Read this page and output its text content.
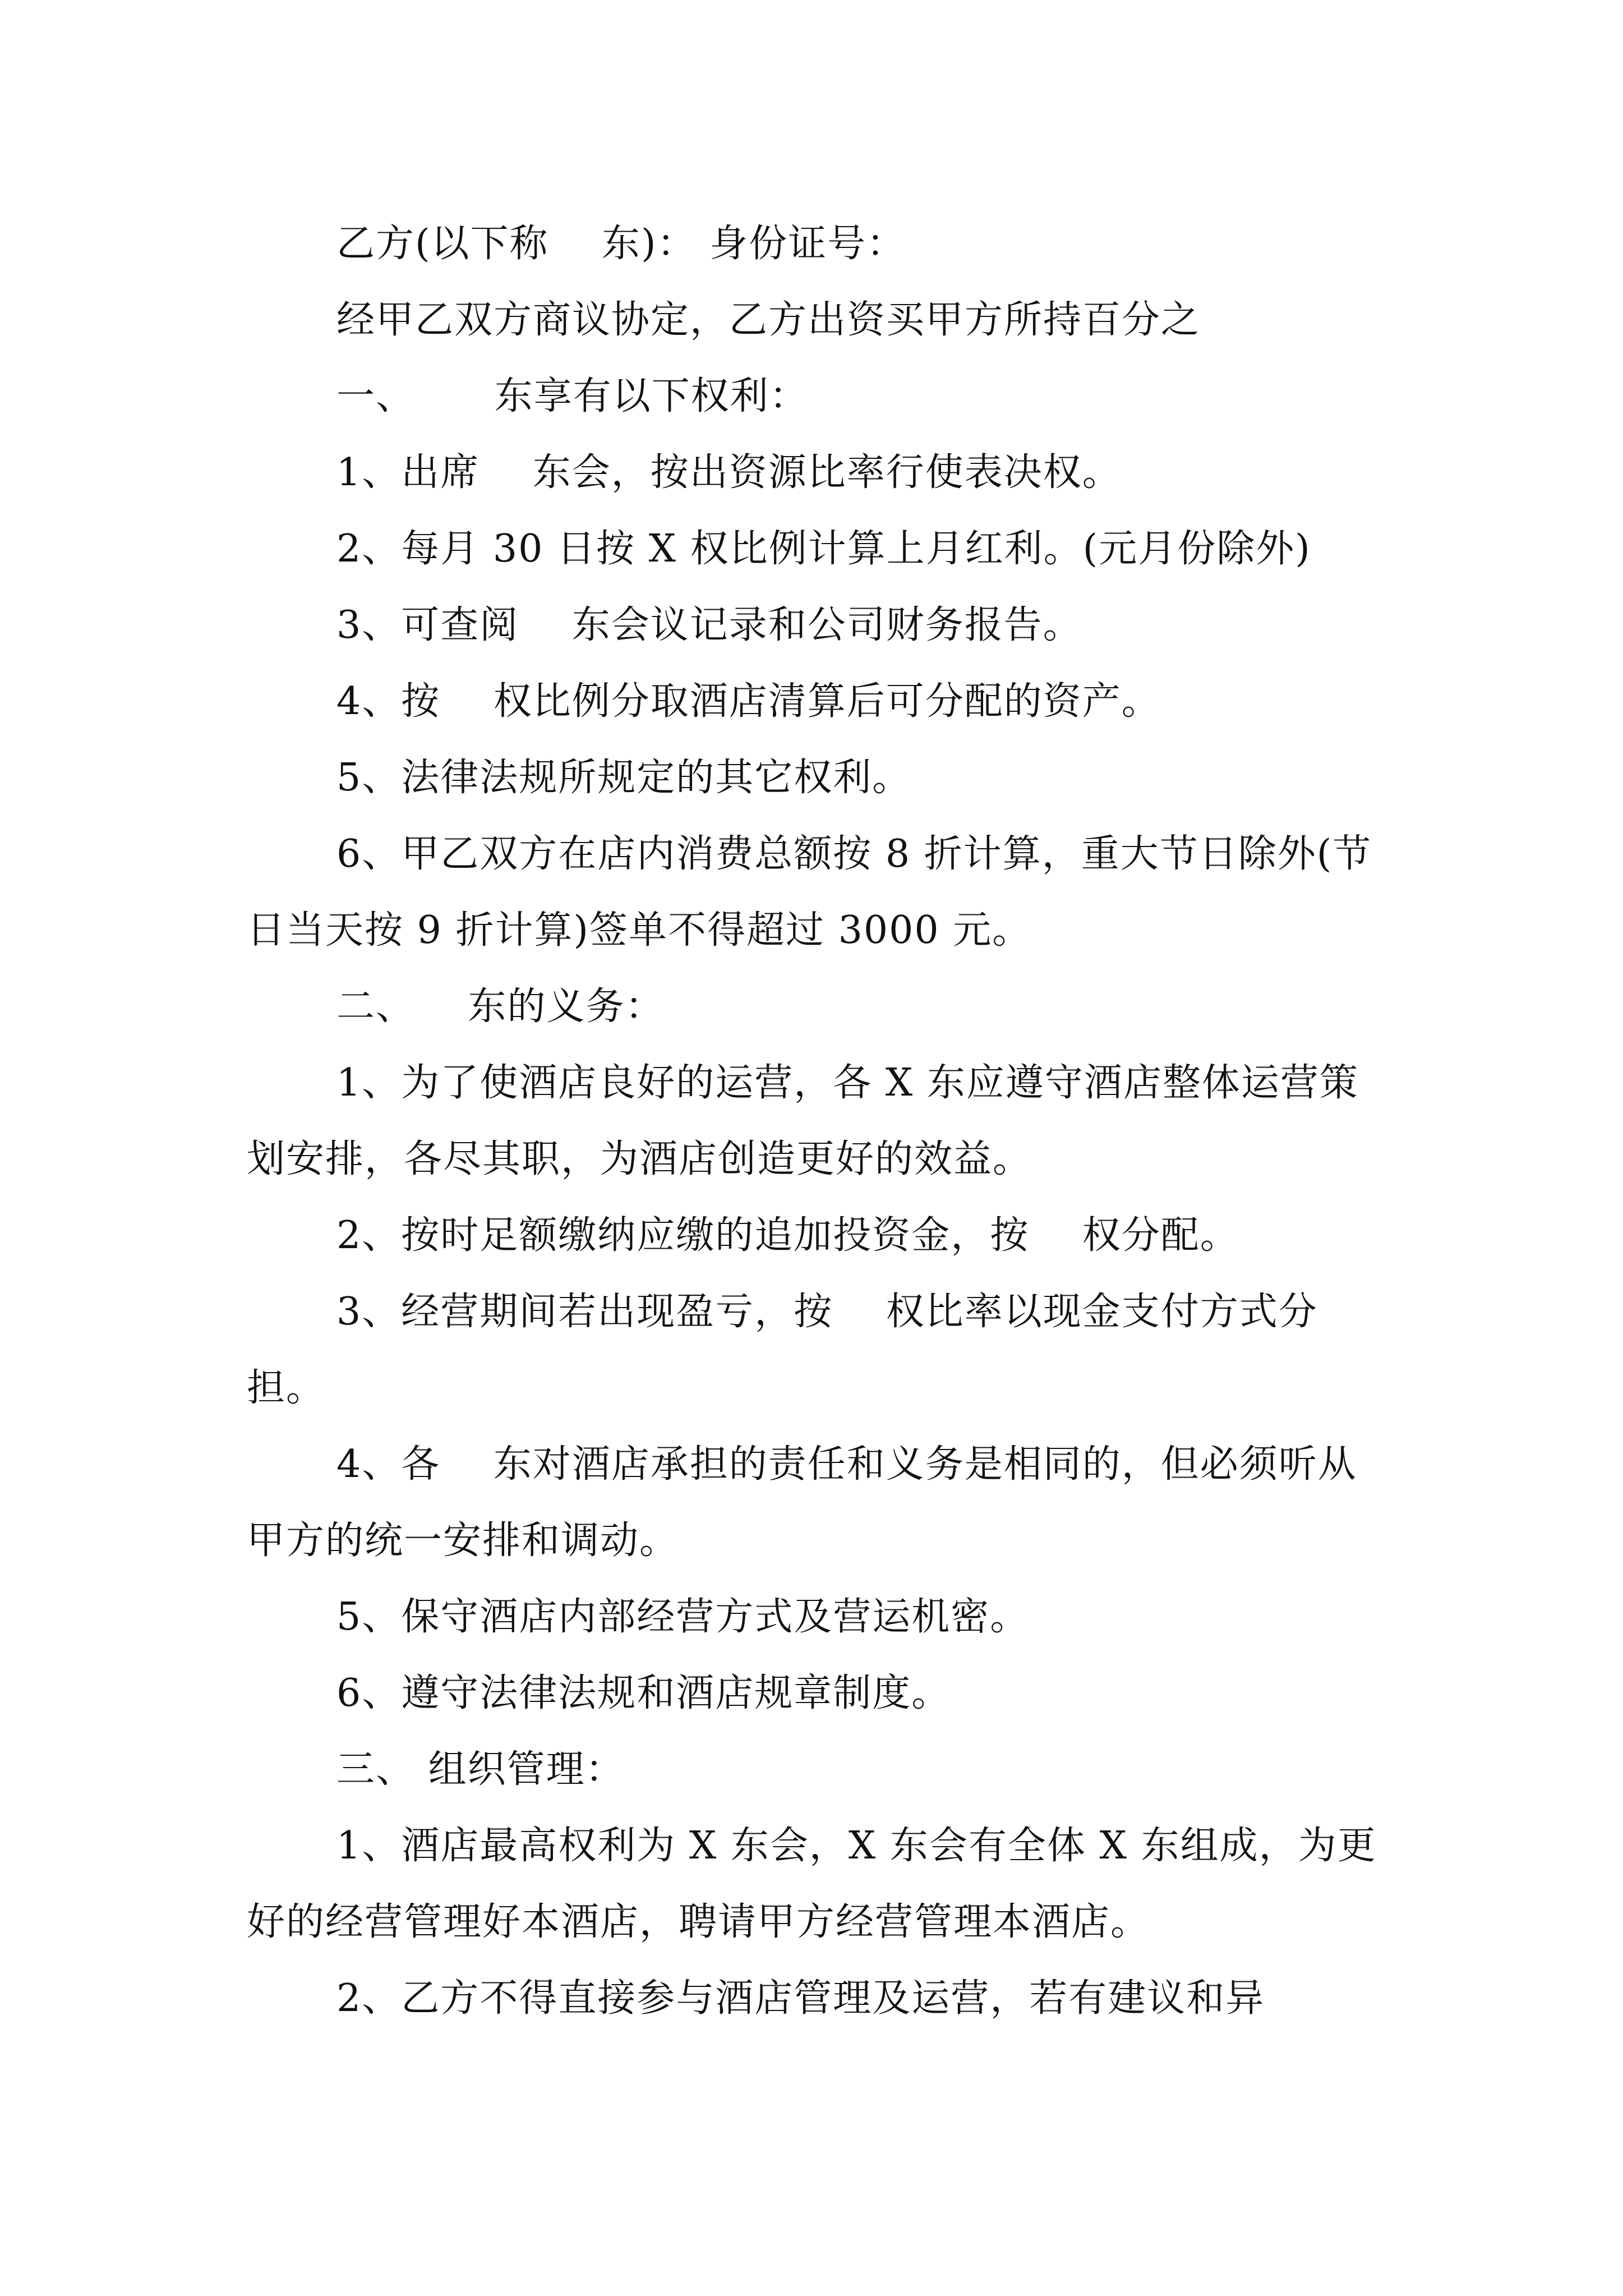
乙方(以下称    东)： 身份证号：

经甲乙双方商议协定，乙方出资买甲方所持百分之

一、      东享有以下权利：

1、出席    东会，按出资源比率行使表决权。

2、每月 30 日按 X 权比例计算上月红利。(元月份除外)

3、可查阅    东会议记录和公司财务报告。

4、按    权比例分取酒店清算后可分配的资产。

5、法律法规所规定的其它权利。

6、甲乙双方在店内消费总额按 8 折计算，重大节日除外(节日当天按 9 折计算)签单不得超过 3000 元。

二、    东的义务：

1、为了使酒店良好的运营，各 X 东应遵守酒店整体运营策划安排，各尽其职，为酒店创造更好的效益。

2、按时足额缴纳应缴的追加投资金，按    权分配。

3、经营期间若出现盈亏，按    权比率以现金支付方式分担。

4、各    东对酒店承担的责任和义务是相同的，但必须听从甲方的统一安排和调动。

5、保守酒店内部经营方式及营运机密。

6、遵守法律法规和酒店规章制度。

三、 组织管理：

1、酒店最高权利为 X 东会，X 东会有全体 X 东组成，为更好的经营管理好本酒店，聘请甲方经营管理本酒店。

2、乙方不得直接参与酒店管理及运营，若有建议和异
